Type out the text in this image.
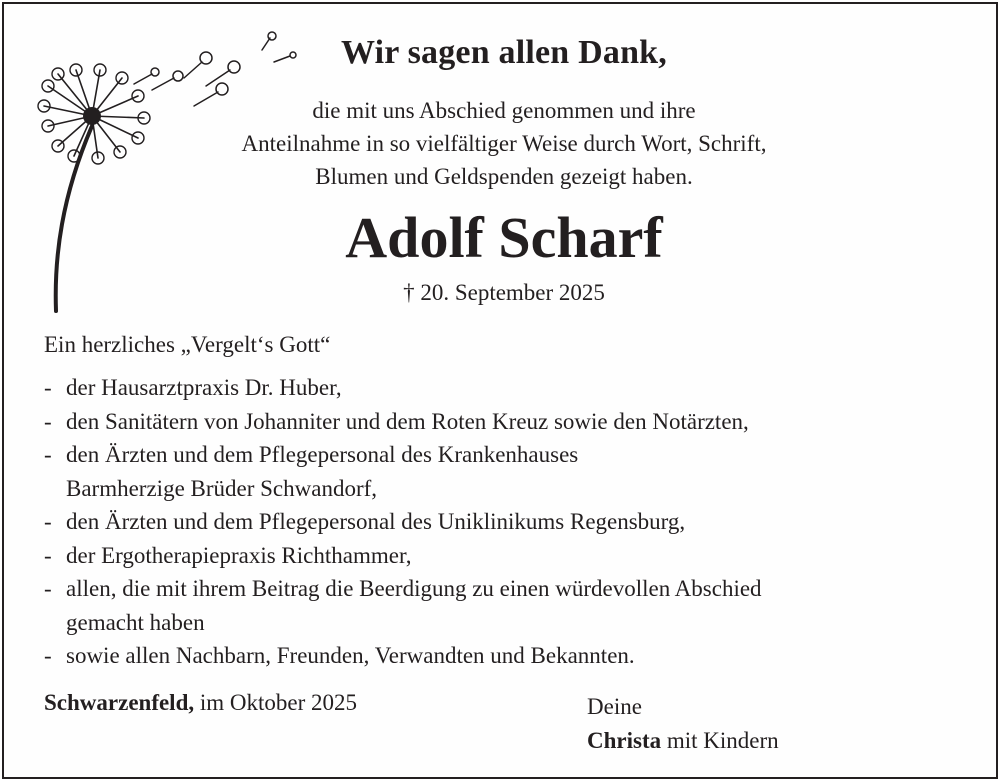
Wir sagen allen Dank,
die mit uns Abschied genommen und ihre
Anteilnahme in so vielfältiger Weise durch Wort, Schrift,
Blumen und Geldspenden gezeigt haben.
Adolf Scharf
† 20. September 2025
Ein herzliches „Vergelt‘s Gott“
- der Hausarztpraxis Dr. Huber,
- den Sanitätern von Johanniter und dem Roten Kreuz sowie den Notärzten,
- den Ärzten und dem Pflegepersonal des Krankenhauses
Barmherzige Brüder Schwandorf,
- den Ärzten und dem Pflegepersonal des Uniklinikums Regensburg,
- der Ergotherapiepraxis Richthammer,
- allen, die mit ihrem Beitrag die Beerdigung zu einen würdevollen Abschied
gemacht haben
- sowie allen Nachbarn, Freunden, Verwandten und Bekannten.
Schwarzenfeld, im Oktober 2025	Deine
Christa mit Kindern
